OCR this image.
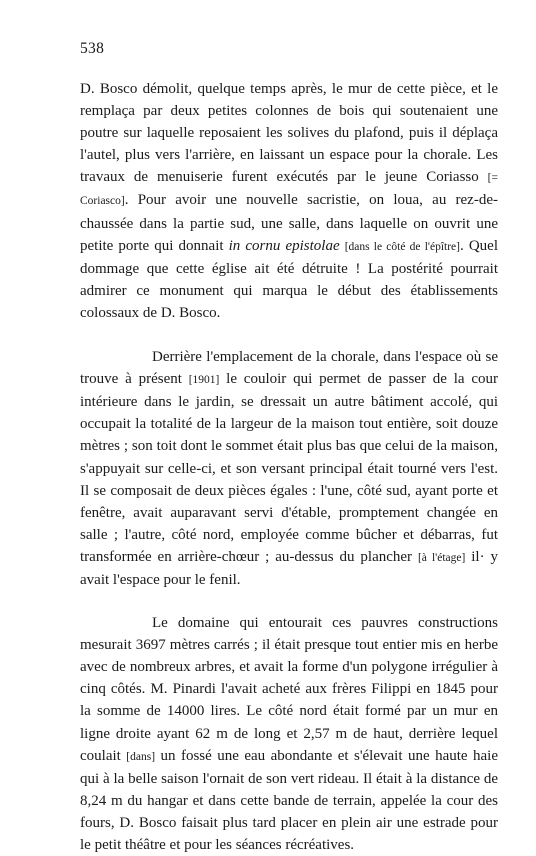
538

D. Bosco démolit, quelque temps après, le mur de cette pièce, et le remplaça par deux petites colonnes de bois qui soutenaient une poutre sur laquelle reposaient les solives du plafond, puis il déplaça l'autel, plus vers l'arrière, en laissant un espace pour la chorale. Les travaux de menuiserie furent exécutés par le jeune Coriasso [= Coriasco]. Pour avoir une nouvelle sacristie, on loua, au rez-de-chaussée dans la partie sud, une salle, dans laquelle on ouvrit une petite porte qui donnait in cornu epistolae [dans le côté de l'épître]. Quel dommage que cette église ait été détruite ! La postérité pourrait admirer ce monument qui marqua le début des établissements colossaux de D. Bosco.

Derrière l'emplacement de la chorale, dans l'espace où se trouve à présent [1901] le couloir qui permet de passer de la cour intérieure dans le jardin, se dressait un autre bâtiment accolé, qui occupait la totalité de la largeur de la maison tout entière, soit douze mètres ; son toit dont le sommet était plus bas que celui de la maison, s'appuyait sur celle-ci, et son versant principal était tourné vers l'est. Il se composait de deux pièces égales : l'une, côté sud, ayant porte et fenêtre, avait auparavant servi d'étable, promptement changée en salle ; l'autre, côté nord, employée comme bûcher et débarras, fut transformée en arrière-chœur ; au-dessus du plancher [à l'étage] il· y avait l'espace pour le fenil.

Le domaine qui entourait ces pauvres constructions mesurait 3697 mètres carrés ; il était presque tout entier mis en herbe avec de nombreux arbres, et avait la forme d'un polygone irrégulier à cinq côtés. M. Pinardi l'avait acheté aux frères Filippi en 1845 pour la somme de 14000 lires. Le côté nord était formé par un mur en ligne droite ayant 62 m de long et 2,57 m de haut, derrière lequel coulait [dans] un fossé une eau abondante et s'élevait une haute haie qui à la belle saison l'ornait de son vert rideau. Il était à la distance de 8,24 m du hangar et dans cette bande de terrain, appelée la cour des fours, D. Bosco faisait plus tard placer en plein air une estrade pour le petit théâtre et pour les séances récréatives.
